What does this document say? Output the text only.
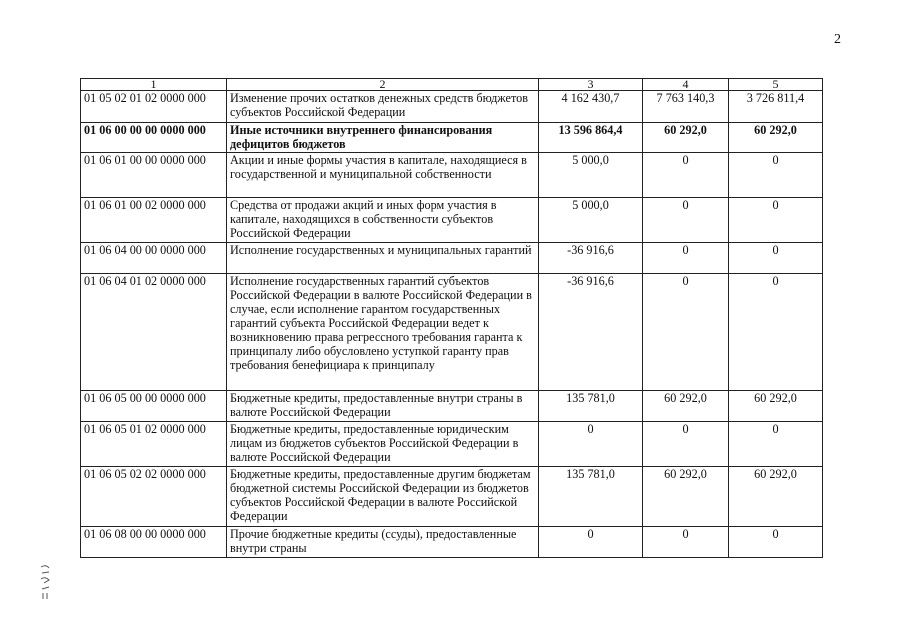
2
1	2	3	4	5
01 05 02 01 02 0000 000	Изменение прочих остатков денежных средств бюджетов субъектов Российской Федерации	4 162 430,7	7 763 140,3	3 726 811,4
01 06 00 00 00 0000 000	Иные источники внутреннего финансирования дефицитов бюджетов	13 596 864,4	60 292,0	60 292,0
01 06 01 00 00 0000 000	Акции и иные формы участия в капитале, находящиеся в государственной и муниципальной собственности	5 000,0	0	0
01 06 01 00 02 0000 000	Средства от продажи акций и иных форм участия в капитале, находящихся в собственности субъектов Российской Федерации	5 000,0	0	0
01 06 04 00 00 0000 000	Исполнение государственных и муниципальных гарантий	-36 916,6	0	0
01 06 04 01 02 0000 000	Исполнение государственных гарантий субъектов Российской Федерации в валюте Российской Федерации в случае, если исполнение гарантом государственных гарантий субъекта Российской Федерации ведет к возникновению права регрессного требования гаранта к принципалу либо обусловлено уступкой гаранту прав требования бенефициара к принципалу	-36 916,6	0	0
01 06 05 00 00 0000 000	Бюджетные кредиты, предоставленные внутри страны в валюте Российской Федерации	135 781,0	60 292,0	60 292,0
01 06 05 01 02 0000 000	Бюджетные кредиты, предоставленные юридическим лицам из бюджетов субъектов Российской Федерации в валюте Российской Федерации	0	0	0
01 06 05 02 02 0000 000	Бюджетные кредиты, предоставленные другим бюджетам бюджетной системы Российской Федерации из бюджетов субъектов Российской Федерации в валюте Российской Федерации	135 781,0	60 292,0	60 292,0
01 06 08 00 00 0000 000	Прочие бюджетные кредиты (ссуды), предоставленные внутри страны	0	0	0
